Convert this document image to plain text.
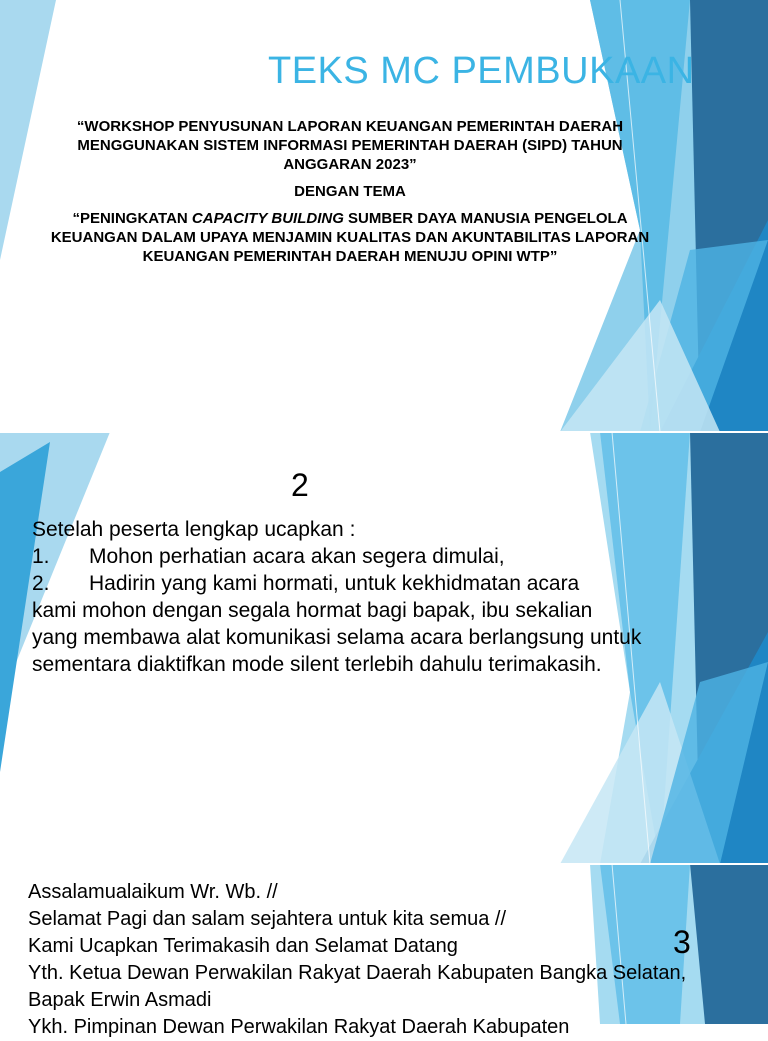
TEKS MC PEMBUKAAN
“WORKSHOP PENYUSUNAN LAPORAN KEUANGAN PEMERINTAH DAERAH MENGGUNAKAN SISTEM INFORMASI PEMERINTAH DAERAH (SIPD) TAHUN ANGGARAN 2023”
DENGAN TEMA
“PENINGKATAN CAPACITY BUILDING SUMBER DAYA MANUSIA PENGELOLA KEUANGAN DALAM UPAYA MENJAMIN KUALITAS DAN AKUNTABILITAS LAPORAN KEUANGAN PEMERINTAH DAERAH MENUJU OPINI WTP”
2
Setelah peserta lengkap ucapkan :
1.	Mohon perhatian acara akan segera dimulai,
2.	Hadirin yang kami hormati, untuk kekhidmatan acara
kami mohon dengan segala hormat bagi bapak, ibu sekalian yang membawa alat komunikasi selama acara berlangsung untuk sementara diaktifkan mode silent terlebih dahulu terimakasih.
3
Assalamualaikum Wr. Wb. //
Selamat Pagi dan salam sejahtera untuk kita semua //
Kami Ucapkan Terimakasih dan Selamat Datang
Yth. Ketua Dewan Perwakilan Rakyat Daerah Kabupaten Bangka Selatan, Bapak Erwin Asmadi
Ykh. Pimpinan Dewan Perwakilan Rakyat Daerah Kabupaten
